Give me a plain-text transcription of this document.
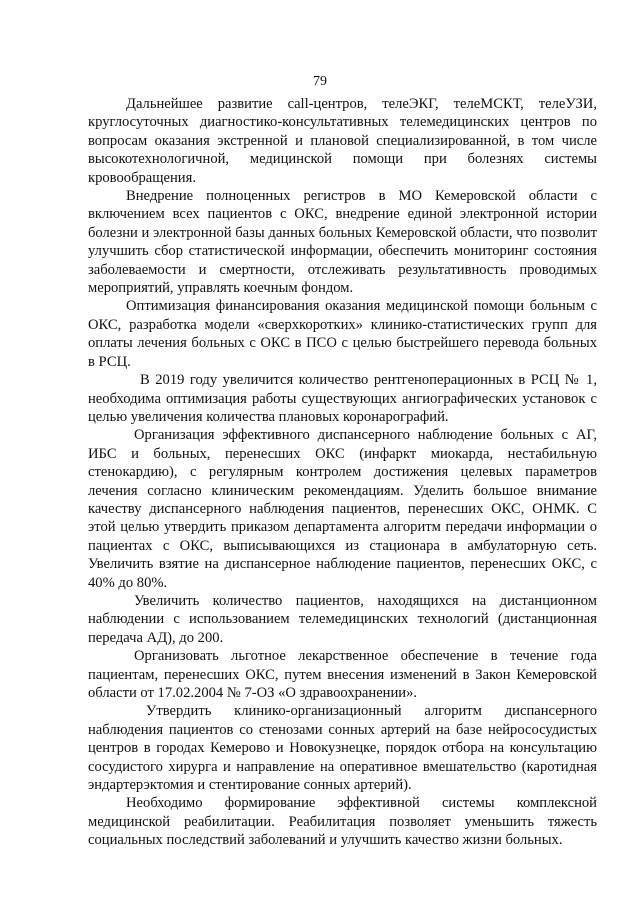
79

Дальнейшее развитие call-центров, телеЭКГ, телеМСКТ, телеУЗИ, круглосуточных диагностико-консультативных телемедицинских центров по вопросам оказания экстренной и плановой специализированной, в том числе высокотехнологичной, медицинской помощи при болезнях системы кровообращения.

Внедрение полноценных регистров в МО Кемеровской области с включением всех пациентов с ОКС, внедрение единой электронной истории болезни и электронной базы данных больных Кемеровской области, что позволит улучшить сбор статистической информации, обеспечить мониторинг состояния заболеваемости и смертности, отслеживать результативность проводимых мероприятий, управлять коечным фондом.

Оптимизация финансирования оказания медицинской помощи больным с ОКС, разработка модели «сверхкоротких» клинико-статистических групп для оплаты лечения больных с ОКС в ПСО с целью быстрейшего перевода больных в РСЦ.

В 2019 году увеличится количество рентгеноперационных в РСЦ № 1, необходима оптимизация работы существующих ангиографических установок с целью увеличения количества плановых коронарографий.

Организация эффективного диспансерного наблюдение больных с АГ, ИБС и больных, перенесших ОКС (инфаркт миокарда, нестабильную стенокардию), с регулярным контролем достижения целевых параметров лечения согласно клиническим рекомендациям. Уделить большое внимание качеству диспансерного наблюдения пациентов, перенесших ОКС, ОНМК. С этой целью утвердить приказом департамента алгоритм передачи информации о пациентах с ОКС, выписывающихся из стационара в амбулаторную сеть. Увеличить взятие на диспансерное наблюдение пациентов, перенесших ОКС, с 40% до 80%.

Увеличить количество пациентов, находящихся на дистанционном наблюдении с использованием телемедицинских технологий (дистанционная передача АД), до 200.

Организовать льготное лекарственное обеспечение в течение года пациентам, перенесших ОКС, путем внесения изменений в Закон Кемеровской области от 17.02.2004 № 7-ОЗ «О здравоохранении».

Утвердить клинико-организационный алгоритм диспансерного наблюдения пациентов со стенозами сонных артерий на базе нейрососудистых центров в городах Кемерово и Новокузнецке, порядок отбора на консультацию сосудистого хирурга и направление на оперативное вмешательство (каротидная эндартерэктомия и стентирование сонных артерий).

Необходимо формирование эффективной системы комплексной медицинской реабилитации. Реабилитация позволяет уменьшить тяжесть социальных последствий заболеваний и улучшить качество жизни больных.
